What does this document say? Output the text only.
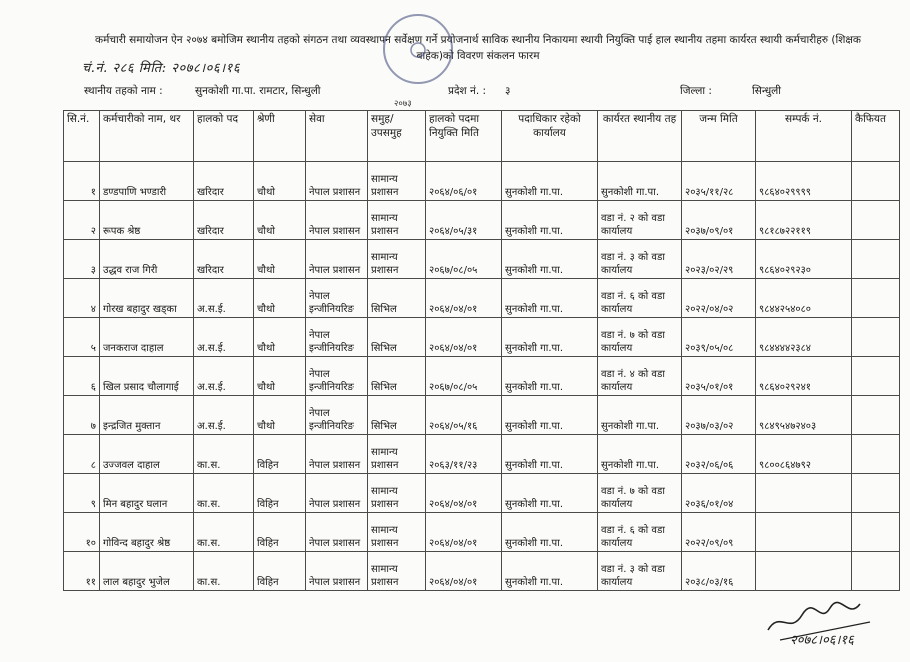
कर्मचारी समायोजन ऐन २०७४ बमोजिम स्थानीय तहको संगठन तथा व्यवस्थापन सर्वेक्षण गर्ने प्रयोजनार्थ साविक स्थानीय निकायमा स्थायी नियुक्ति पाई हाल स्थानीय तहमा कार्यरत स्थायी कर्मचारीहरु (शिक्षक बाहेक)को विवरण संकलन फारम
चं.नं. २८६ मिति: २०७८।०६।१६
स्थानीय तहको नाम :	सुनकोशी गा.पा. रामटार, सिन्धुली	प्रदेश नं. : ३	जिल्ला :	सिन्धुली
२०७३
सि.नं.	कर्मचारीको नाम, थर	हालको पद	श्रेणी	सेवा	समुह/उपसमुह	हालको पदमा नियुक्ति मिति	पदाधिकार रहेको कार्यालय	कार्यरत स्थानीय तह	जन्म मिति	सम्पर्क नं.	कैफियत
१	डण्डपाणि भण्डारी	खरिदार	चौथो	नेपाल प्रशासन	सामान्य प्रशासन	२०६४/०६/०१	सुनकोशी गा.पा.	सुनकोशी गा.पा.	२०३५/११/२८	९८६४०२९९९९	
२	रूपक श्रेष्ठ	खरिदार	चौथो	नेपाल प्रशासन	सामान्य प्रशासन	२०६४/०५/३१	सुनकोशी गा.पा.	वडा नं. २ को वडा कार्यालय	२०३७/०९/०१	९८१८७२२११९	
३	उद्धव राज गिरी	खरिदार	चौथो	नेपाल प्रशासन	सामान्य प्रशासन	२०६७/०८/०५	सुनकोशी गा.पा.	वडा नं. ३ को वडा कार्यालय	२०२३/०२/२९	९८६४०२९२३०	
४	गोरख बहादुर खड्का	अ.स.ई.	चौथो	नेपाल इन्जीनियरिङ	सिभिल	२०६४/०४/०१	सुनकोशी गा.पा.	वडा नं. ६ को वडा कार्यालय	२०२२/०४/०२	९८४४२५४०८०	
५	जनकराज दाहाल	अ.स.ई.	चौथो	नेपाल इन्जीनियरिङ	सिभिल	२०६४/०४/०१	सुनकोशी गा.पा.	वडा नं. ७ को वडा कार्यालय	२०३९/०५/०८	९८४४४४२३८४	
६	खिल प्रसाद चौलागाई	अ.स.ई.	चौथो	नेपाल इन्जीनियरिङ	सिभिल	२०६७/०८/०५	सुनकोशी गा.पा.	वडा नं. ४ को वडा कार्यालय	२०३५/०१/०१	९८६४०२९२४१	
७	इन्द्रजित मुक्तान	अ.स.ई.	चौथो	नेपाल इन्जीनियरिङ	सिभिल	२०६४/०५/१६	सुनकोशी गा.पा.	सुनकोशी गा.पा.	२०३७/०३/०२	९८४९५४७२४०३	
८	उज्जवल दाहाल	का.स.	विहिन	नेपाल प्रशासन	सामान्य प्रशासन	२०६३/११/२३	सुनकोशी गा.पा.	सुनकोशी गा.पा.	२०३२/०६/०६	९८००८६४७९२	
९	मिन बहादुर घलान	का.स.	विहिन	नेपाल प्रशासन	सामान्य प्रशासन	२०६४/०४/०१	सुनकोशी गा.पा.	वडा नं. ७ को वडा कार्यालय	२०३६/०१/०४		
१०	गोविन्द बहादुर श्रेष्ठ	का.स.	विहिन	नेपाल प्रशासन	सामान्य प्रशासन	२०६४/०४/०१	सुनकोशी गा.पा.	वडा नं. ६ को वडा कार्यालय	२०२२/०९/०९		
११	लाल बहादुर भुजेल	का.स.	विहिन	नेपाल प्रशासन	सामान्य प्रशासन	२०६४/०४/०१	सुनकोशी गा.पा.	वडा नं. ३ को वडा कार्यालय	२०३८/०३/१६		
२०७८।०६।१६
